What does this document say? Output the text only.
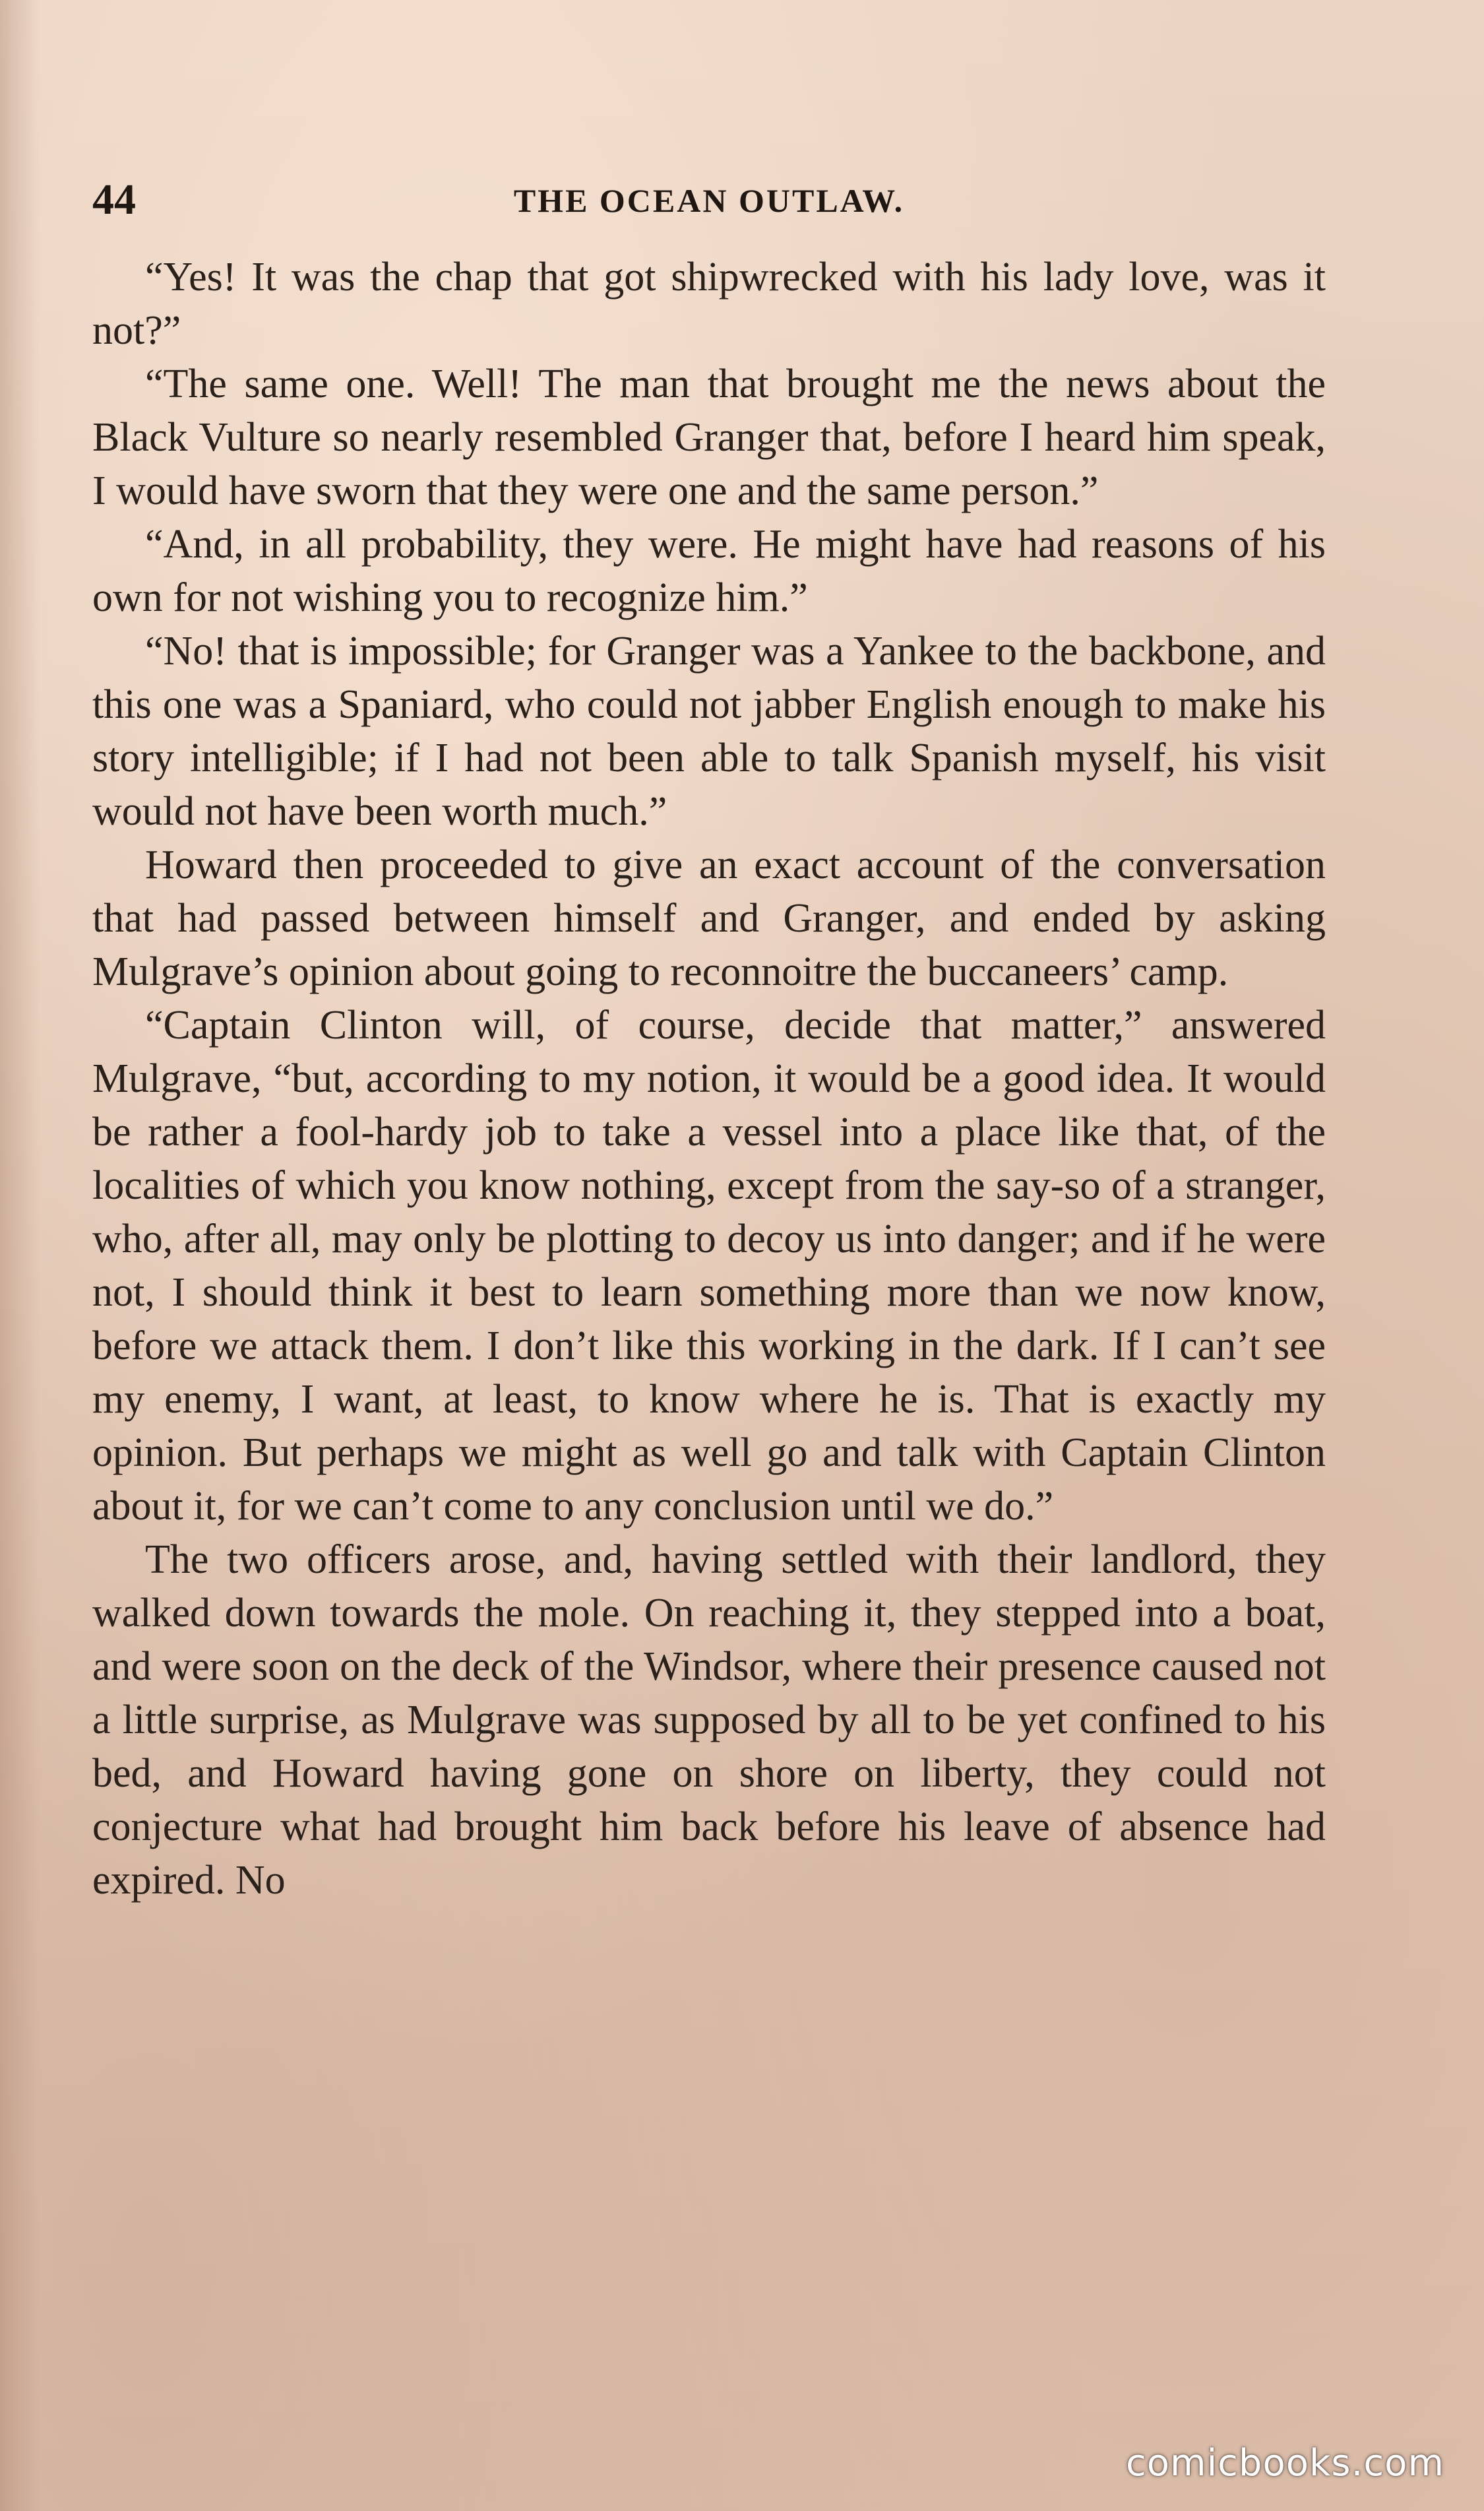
44	THE OCEAN OUTLAW.

“Yes! It was the chap that got shipwrecked with his lady love, was it not?”

“The same one. Well! The man that brought me the news about the Black Vulture so nearly resembled Granger that, before I heard him speak, I would have sworn that they were one and the same person.”

“And, in all probability, they were. He might have had reasons of his own for not wishing you to recognize him.”

“No! that is impossible; for Granger was a Yankee to the backbone, and this one was a Spaniard, who could not jabber English enough to make his story intelligible; if I had not been able to talk Spanish myself, his visit would not have been worth much.”

Howard then proceeded to give an exact account of the conversation that had passed between himself and Granger, and ended by asking Mulgrave’s opinion about going to reconnoitre the buccaneers’ camp.

“Captain Clinton will, of course, decide that matter,” answered Mulgrave, “but, according to my notion, it would be a good idea. It would be rather a fool-hardy job to take a vessel into a place like that, of the localities of which you know nothing, except from the say-so of a stranger, who, after all, may only be plotting to decoy us into danger; and if he were not, I should think it best to learn something more than we now know, before we attack them. I don’t like this working in the dark. If I can’t see my enemy, I want, at least, to know where he is. That is exactly my opinion. But perhaps we might as well go and talk with Captain Clinton about it, for we can’t come to any conclusion until we do.”

The two officers arose, and, having settled with their landlord, they walked down towards the mole. On reaching it, they stepped into a boat, and were soon on the deck of the Windsor, where their presence caused not a little surprise, as Mulgrave was supposed by all to be yet confined to his bed, and Howard having gone on shore on liberty, they could not conjecture what had brought him back before his leave of absence had expired. No

comicbooks.com
